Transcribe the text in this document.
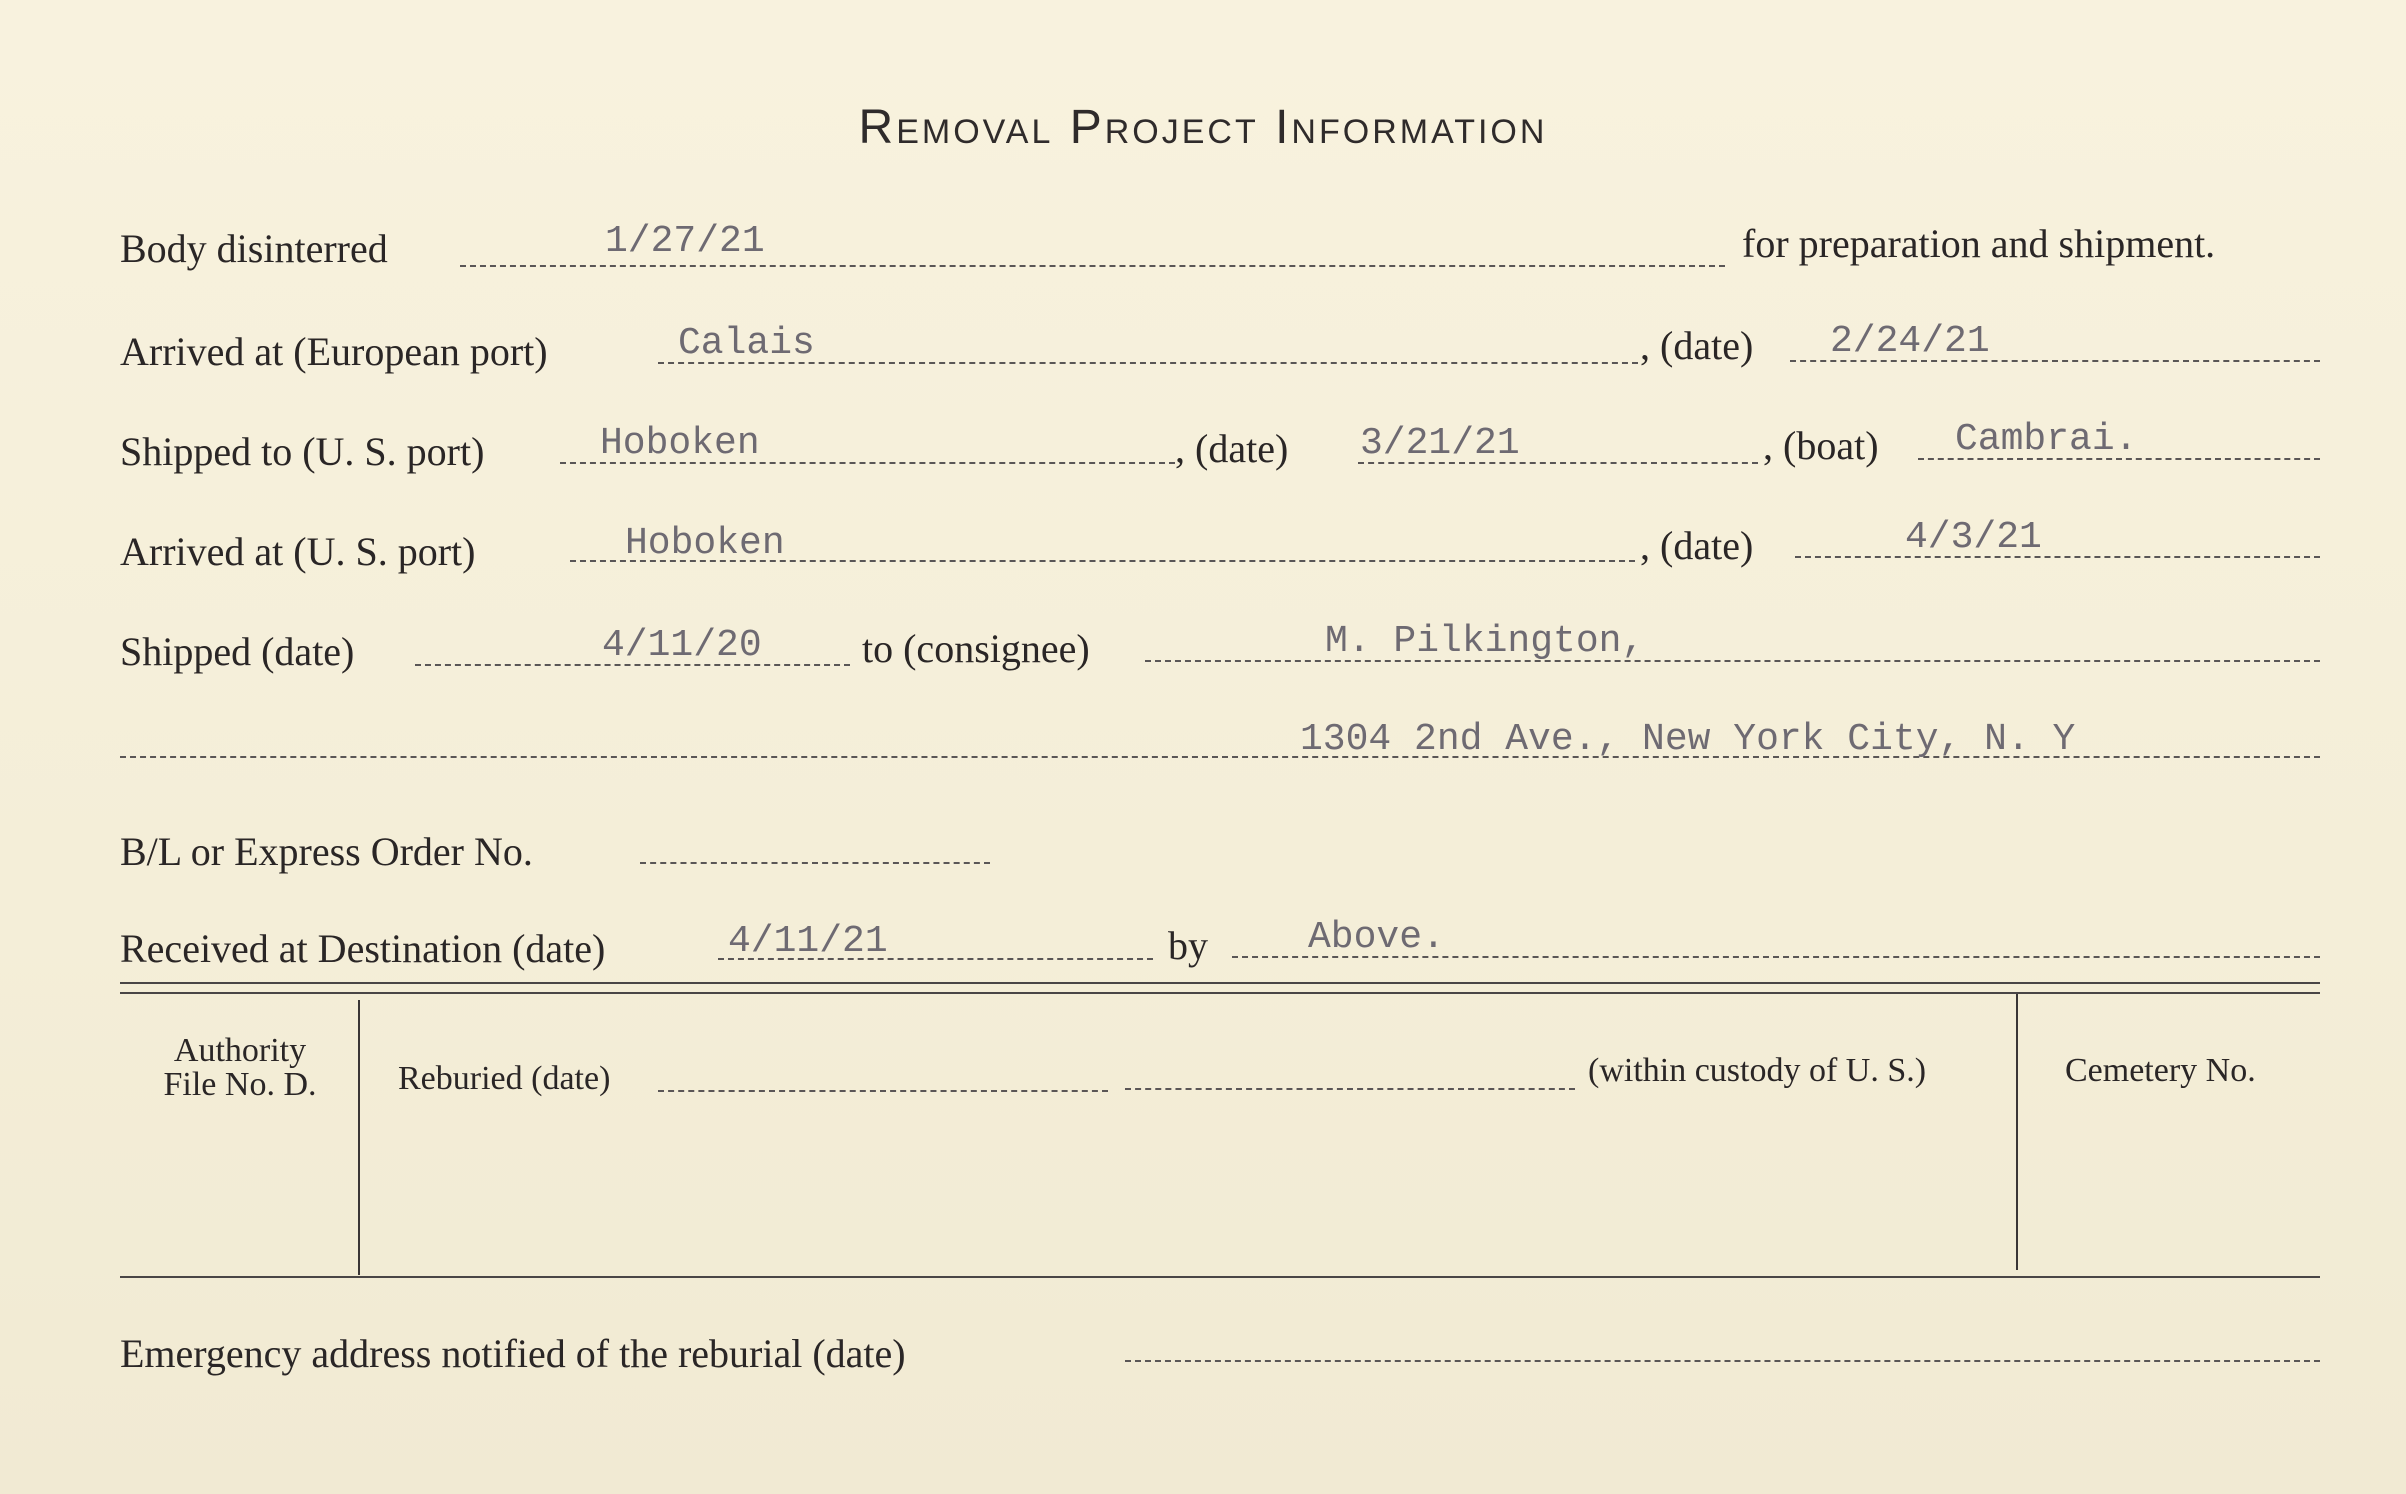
Removal Project Information
Body disinterred	1/27/21	for preparation and shipment.
Arrived at (European port)	Calais	, (date) 2/24/21
Shipped to (U. S. port)	Hoboken	, (date) 3/21/21	, (boat) Cambrai.
Arrived at (U. S. port)	Hoboken	, (date)	4/3/21
Shipped (date)	4/11/20	to (consignee)	M. Pilkington,
1304 2nd Ave., New York City, N. Y
B/L or Express Order No.
Received at Destination (date)	4/11/21	by	Above.
Authority
File No. D.	Reburied (date)	(within custody of U. S.)	Cemetery No.
Emergency address notified of the reburial (date)
